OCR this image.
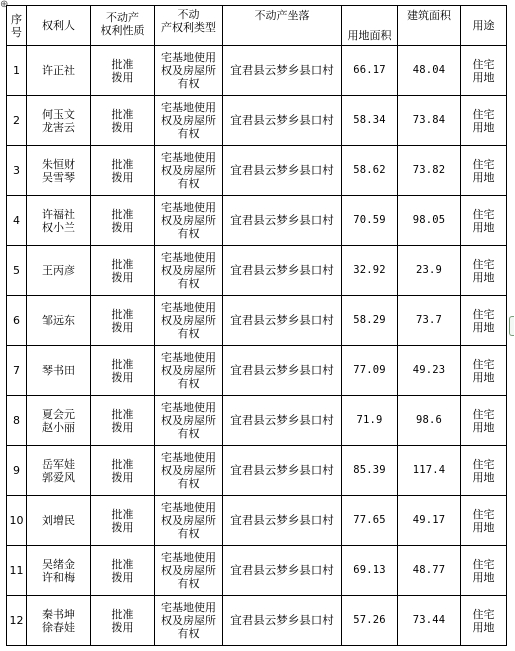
⊕
序
号	权利人	不动产
权利性质	不动
产权利类型	不动产坐落	用地面积	建筑面积	用途
1	许正社	批准
拨用	宅基地使用
权及房屋所
有权	宜君县云梦乡县口村	66.17	48.04	住宅
用地

2	何玉文
龙害云	批准
拨用	宅基地使用
权及房屋所
有权	宜君县云梦乡县口村	58.34	73.84	住宅
用地

3	朱恒财
吴雪琴	批准
拨用	宅基地使用
权及房屋所
有权	宜君县云梦乡县口村	58.62	73.82	住宅
用地

4	许福社
权小兰	批准
拨用	宅基地使用
权及房屋所
有权	宜君县云梦乡县口村	70.59	98.05	住宅
用地

5	王丙彦	批准
拨用	宅基地使用
权及房屋所
有权	宜君县云梦乡县口村	32.92	23.9	住宅
用地

6	邹远东	批准
拨用	宅基地使用
权及房屋所
有权	宜君县云梦乡县口村	58.29	73.7	住宅
用地

7	琴书田	批准
拨用	宅基地使用
权及房屋所
有权	宜君县云梦乡县口村	77.09	49.23	住宅
用地

8	夏会元
赵小丽	批准
拨用	宅基地使用
权及房屋所
有权	宜君县云梦乡县口村	71.9	98.6	住宅
用地

9	岳军娃
郭爱风	批准
拨用	宅基地使用
权及房屋所
有权	宜君县云梦乡县口村	85.39	117.4	住宅
用地

10	刘增民	批准
拨用	宅基地使用
权及房屋所
有权	宜君县云梦乡县口村	77.65	49.17	住宅
用地

11	吴绪金
许和梅	批准
拨用	宅基地使用
权及房屋所
有权	宜君县云梦乡县口村	69.13	48.77	住宅
用地

12	秦书坤
徐春娃	批准
拨用	宅基地使用
权及房屋所
有权	宜君县云梦乡县口村	57.26	73.44	住宅
用地
